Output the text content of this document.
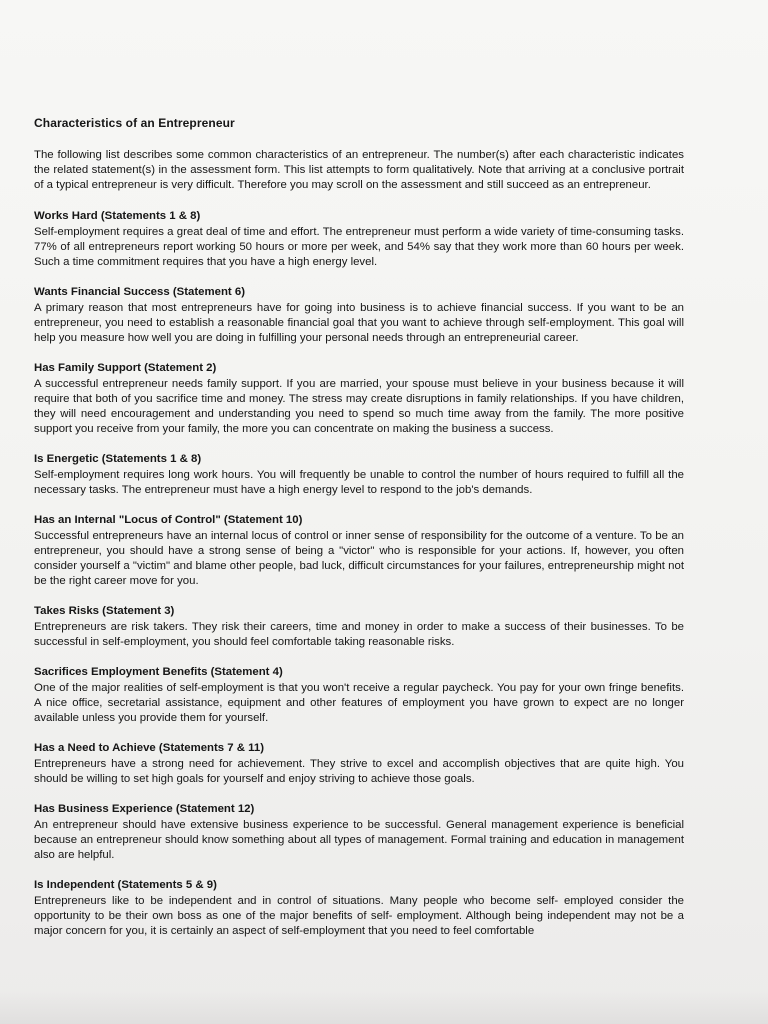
Characteristics of an Entrepreneur

The following list describes some common characteristics of an entrepreneur. The number(s) after each characteristic indicates the related statement(s) in the assessment form. This list attempts to form qualitatively. Note that arriving at a conclusive portrait of a typical entrepreneur is very difficult. Therefore you may scroll on the assessment and still succeed as an entrepreneur.

Works Hard (Statements 1 & 8)

Self-employment requires a great deal of time and effort. The entrepreneur must perform a wide variety of time-consuming tasks. 77% of all entrepreneurs report working 50 hours or more per week, and 54% say that they work more than 60 hours per week. Such a time commitment requires that you have a high energy level.

Wants Financial Success (Statement 6)

A primary reason that most entrepreneurs have for going into business is to achieve financial success. If you want to be an entrepreneur, you need to establish a reasonable financial goal that you want to achieve through self-employment. This goal will help you measure how well you are doing in fulfilling your personal needs through an entrepreneurial career.

Has Family Support (Statement 2)

A successful entrepreneur needs family support. If you are married, your spouse must believe in your business because it will require that both of you sacrifice time and money. The stress may create disruptions in family relationships. If you have children, they will need encouragement and understanding you need to spend so much time away from the family. The more positive support you receive from your family, the more you can concentrate on making the business a success.

Is Energetic (Statements 1 & 8)

Self-employment requires long work hours. You will frequently be unable to control the number of hours required to fulfill all the necessary tasks. The entrepreneur must have a high energy level to respond to the job's demands.

Has an Internal "Locus of Control" (Statement 10)

Successful entrepreneurs have an internal locus of control or inner sense of responsibility for the outcome of a venture. To be an entrepreneur, you should have a strong sense of being a "victor" who is responsible for your actions. If, however, you often consider yourself a "victim" and blame other people, bad luck, difficult circumstances for your failures, entrepreneurship might not be the right career move for you.

Takes Risks (Statement 3)

Entrepreneurs are risk takers. They risk their careers, time and money in order to make a success of their businesses. To be successful in self-employment, you should feel comfortable taking reasonable risks.

Sacrifices Employment Benefits (Statement 4)

One of the major realities of self-employment is that you won't receive a regular paycheck. You pay for your own fringe benefits. A nice office, secretarial assistance, equipment and other features of employment you have grown to expect are no longer available unless you provide them for yourself.

Has a Need to Achieve (Statements 7 & 11)

Entrepreneurs have a strong need for achievement. They strive to excel and accomplish objectives that are quite high. You should be willing to set high goals for yourself and enjoy striving to achieve those goals.

Has Business Experience (Statement 12)

An entrepreneur should have extensive business experience to be successful. General management experience is beneficial because an entrepreneur should know something about all types of management. Formal training and education in management also are helpful.

Is Independent (Statements 5 & 9)

Entrepreneurs like to be independent and in control of situations. Many people who become self- employed consider the opportunity to be their own boss as one of the major benefits of self- employment. Although being independent may not be a major concern for you, it is certainly an aspect of self-employment that you need to feel comfortable
